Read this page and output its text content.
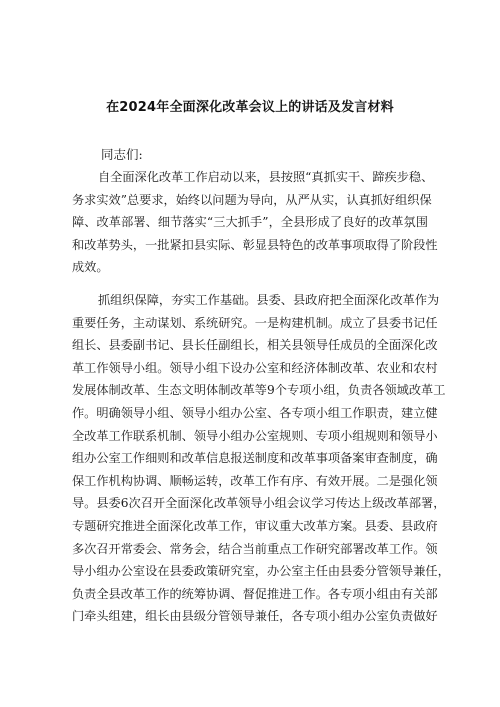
在2024年全面深化改革会议上的讲话及发言材料
同志们:
自全面深化改革工作启动以来，县按照“真抓实干、蹄疾步稳、
务求实效”总要求，始终以问题为导向，从严从实，认真抓好组织保
障、改革部署、细节落实“三大抓手”，全县形成了良好的改革氛围
和改革势头，一批紧扣县实际、彰显县特色的改革事项取得了阶段性
成效。
抓组织保障，夯实工作基础。县委、县政府把全面深化改革作为
重要任务，主动谋划、系统研究。一是构建机制。成立了县委书记任
组长、县委副书记、县长任副组长，相关县领导任成员的全面深化改
革工作领导小组。领导小组下设办公室和经济体制改革、农业和农村
发展体制改革、生态文明体制改革等9个专项小组，负责各领域改革工
作。明确领导小组、领导小组办公室、各专项小组工作职责，建立健
全改革工作联系机制、领导小组办公室规则、专项小组规则和领导小
组办公室工作细则和改革信息报送制度和改革事项备案审查制度，确
保工作机构协调、顺畅运转，改革工作有序、有效开展。二是强化领
导。县委6次召开全面深化改革领导小组会议学习传达上级改革部署，
专题研究推进全面深化改革工作，审议重大改革方案。县委、县政府
多次召开常委会、常务会，结合当前重点工作研究部署改革工作。领
导小组办公室设在县委政策研究室，办公室主任由县委分管领导兼任，
负责全县改革工作的统筹协调、督促推进工作。各专项小组由有关部
门牵头组建，组长由县级分管领导兼任，各专项小组办公室负责做好
